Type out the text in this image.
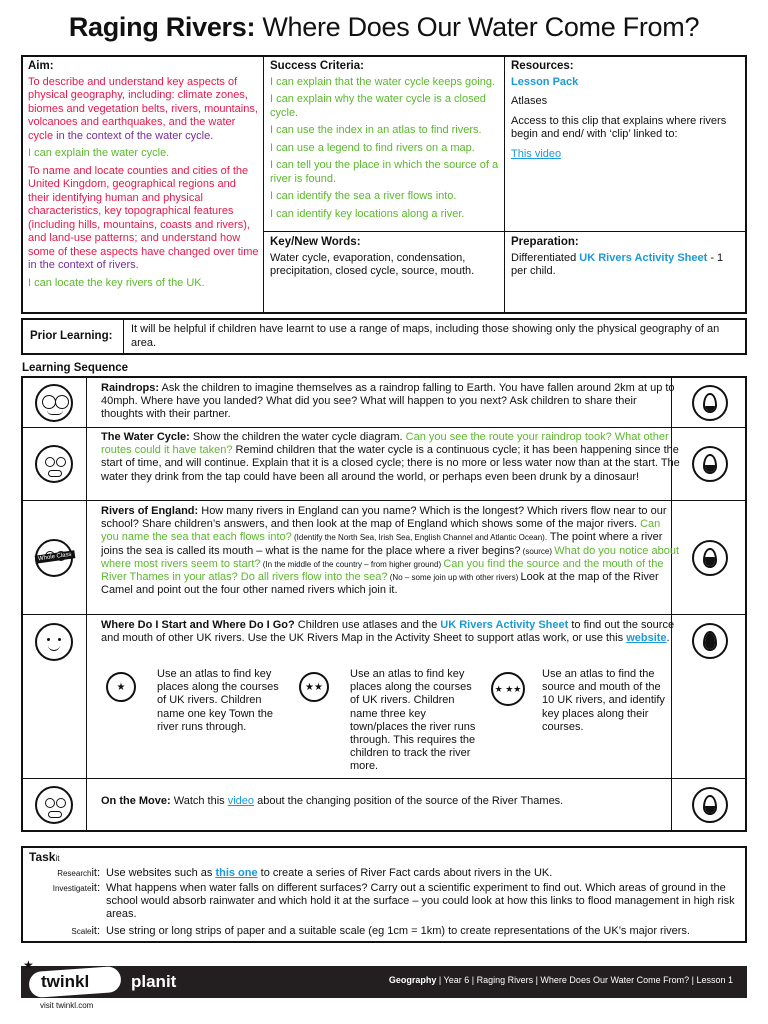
Raging Rivers: Where Does Our Water Come From?
Aim:

To describe and understand key aspects of physical geography, including: climate zones, biomes and vegetation belts, rivers, mountains, volcanoes and earthquakes, and the water cycle in the context of the water cycle.

I can explain the water cycle.

To name and locate counties and cities of the United Kingdom, geographical regions and their identifying human and physical characteristics, key topographical features (including hills, mountains, coasts and rivers), and land-use patterns; and understand how some of these aspects have changed over time in the context of rivers.

I can locate the key rivers of the UK.

Success Criteria:

I can explain that the water cycle keeps going.

I can explain why the water cycle is a closed cycle.

I can use the index in an atlas to find rivers.

I can use a legend to find rivers on a map.

I can tell you the place in which the source of a river is found.

I can identify the sea a river flows into.

I can identify key locations along a river.

Resources:

Lesson Pack

Atlases

Access to this clip that explains where rivers begin and end/ with ‘clip’ linked to:

This video

Key/New Words:

Water cycle, evaporation, condensation, precipitation, closed cycle, source, mouth.

Preparation:

Differentiated UK Rivers Activity Sheet - 1 per child.

Prior Learning:
It will be helpful if children have learnt to use a range of maps, including those showing only the physical geography of an area.
Learning Sequence
Raindrops: Ask the children to imagine themselves as a raindrop falling to Earth. You have fallen around 2km at up to 40mph. Where have you landed? What did you see? What will happen to you next? Ask children to share their thoughts with their partner.
The Water Cycle: Show the children the water cycle diagram. Can you see the route your raindrop took? What other routes could it have taken? Remind children that the water cycle is a continuous cycle; it has been happening since the start of time, and will continue. Explain that it is a closed cycle; there is no more or less water now than at the start. The water they drink from the tap could have been all around the world, or perhaps even been drunk by a dinosaur!
Whole Class
Rivers of England: How many rivers in England can you name? Which is the longest? Which rivers flow near to our school? Share children’s answers, and then look at the map of England which shows some of the major rivers. Can you name the sea that each flows into? (Identify the North Sea, Irish Sea, English Channel and Atlantic Ocean). The point where a river joins the sea is called its mouth – what is the name for the place where a river begins? (source) What do you notice about where most rivers seem to start? (In the middle of the country – from higher ground) Can you find the source and the mouth of the River Thames in your atlas? Do all rivers flow into the sea? (No – some join up with other rivers) Look at the map of the River Camel and point out the four other named rivers which join it.
Where Do I Start and Where Do I Go? Children use atlases and the UK Rivers Activity Sheet to find out the source and mouth of other UK rivers. Use the UK Rivers Map in the Activity Sheet to support atlas work, or use this website.
★
Use an atlas to find key places along the courses of UK rivers. Children name one key Town the river runs through.
★★
Use an atlas to find key places along the courses of UK rivers. Children name three key town/places the river runs through. This requires the children to track the river more.
★ ★★
Use an atlas to find the source and mouth of the 10 UK rivers, and identify key places along their courses.
On the Move: Watch this video about the changing position of the source of the River Thames.
Taskit
Researchit: Use websites such as this one to create a series of River Fact cards about rivers in the UK.
Investigateit: What happens when water falls on different surfaces? Carry out a scientific experiment to find out. Which areas of ground in the school would absorb rainwater and which hold it at the surface – you could look at how this links to flood management in high risk areas.
Scaleit: Use string or long strips of paper and a suitable scale (eg 1cm = 1km) to create representations of the UK’s major rivers.
twinkl
★
planit	Geography | Year 6 | Raging Rivers | Where Does Our Water Come From? | Lesson 1
visit twinkl.com
